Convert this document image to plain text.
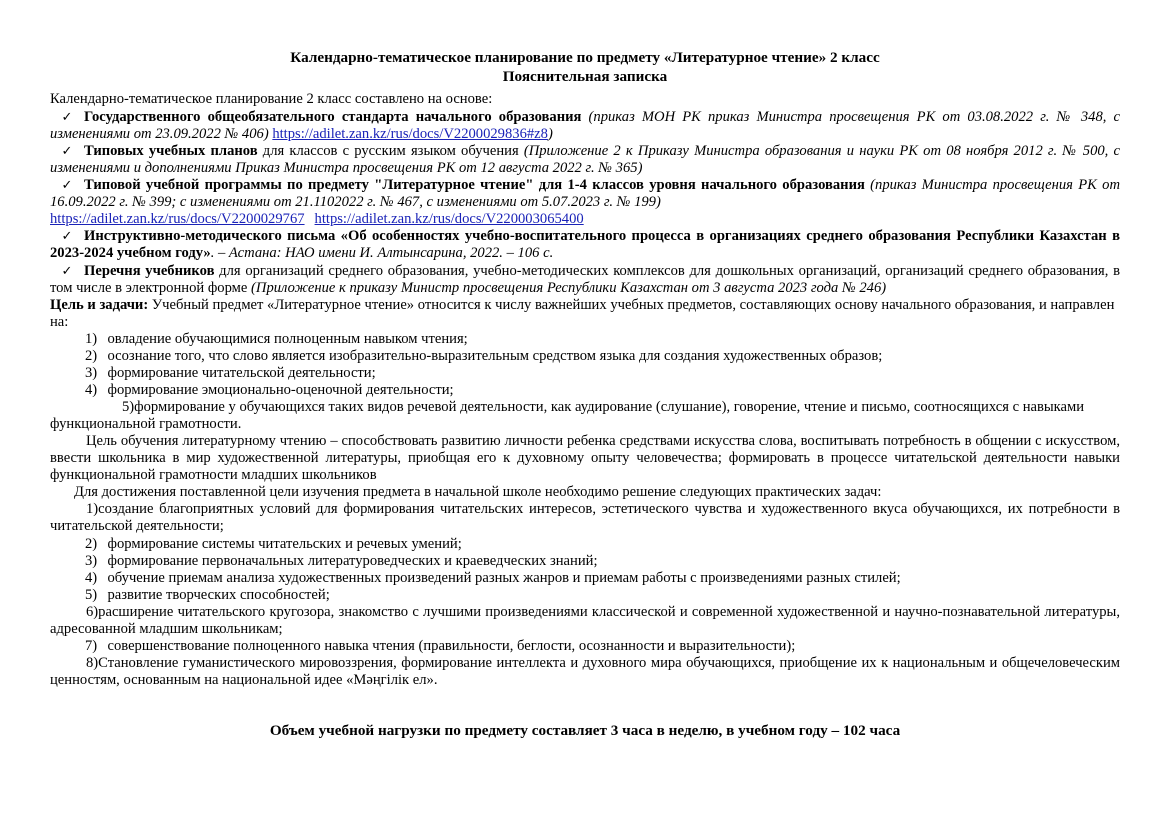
Календарно-тематическое планирование по предмету «Литературное чтение» 2 класс
Пояснительная записка

Календарно-тематическое планирование 2 класс составлено на основе:

✓ Государственного общеобязательного стандарта начального образования (приказ МОН РК приказ Министра просвещения РК от 03.08.2022 г. № 348, с изменениями от 23.09.2022 № 406) https://adilet.zan.kz/rus/docs/V2200029836#z8)

✓ Типовых учебных планов для классов с русским языком обучения (Приложение 2 к Приказу Министра образования и науки РК от 08 ноября 2012 г. № 500, с изменениями и дополнениями Приказ Министра просвещения РК от 12 августа 2022 г. № 365)

✓ Типовой учебной программы по предмету "Литературное чтение" для 1-4 классов уровня начального образования (приказ Министра просвещения РК от 16.09.2022 г. № 399; с изменениями от 21.1102022 г. № 467, с изменениями от 5.07.2023 г. № 199)

https://adilet.zan.kz/rus/docs/V2200029767 https://adilet.zan.kz/rus/docs/V220003065400

✓ Инструктивно-методического письма «Об особенностях учебно-воспитательного процесса в организациях среднего образования Республики Казахстан в 2023-2024 учебном году». – Астана: НАО имени И. Алтынсарина, 2022. – 106 с.

✓ Перечня учебников для организаций среднего образования, учебно-методических комплексов для дошкольных организаций, организаций среднего образования, в том числе в электронной форме (Приложение к приказу Министр просвещения Республики Казахстан от 3 августа 2023 года № 246)

Цель и задачи: Учебный предмет «Литературное чтение» относится к числу важнейших учебных предметов, составляющих основу начального образования, и направлен на:

1) овладение обучающимися полноценным навыком чтения;

2) осознание того, что слово является изобразительно-выразительным средством языка для создания художественных образов;

3) формирование читательской деятельности;

4) формирование эмоционально-оценочной деятельности;

5)формирование у обучающихся таких видов речевой деятельности, как аудирование (слушание), говорение, чтение и письмо, соотносящихся с навыками функциональной грамотности.

Цель обучения литературному чтению – способствовать развитию личности ребенка средствами искусства слова, воспитывать потребность в общении с искусством, ввести школьника в мир художественной литературы, приобщая его к духовному опыту человечества; формировать в процессе читательской деятельности навыки функциональной грамотности младших школьников

Для достижения поставленной цели изучения предмета в начальной школе необходимо решение следующих практических задач:

1)создание благоприятных условий для формирования читательских интересов, эстетического чувства и художественного вкуса обучающихся, их потребности в читательской деятельности;

2) формирование системы читательских и речевых умений;

3) формирование первоначальных литературоведческих и краеведческих знаний;

4) обучение приемам анализа художественных произведений разных жанров и приемам работы с произведениями разных стилей;

5) развитие творческих способностей;

6)расширение читательского кругозора, знакомство с лучшими произведениями классической и современной художественной и научно-познавательной литературы, адресованной младшим школьникам;

7) совершенствование полноценного навыка чтения (правильности, беглости, осознанности и выразительности);

8)Становление гуманистического мировоззрения, формирование интеллекта и духовного мира обучающихся, приобщение их к национальным и общечеловеческим ценностям, основанным на национальной идее «Мәңгілік ел».

Объем учебной нагрузки по предмету составляет 3 часа в неделю, в учебном году – 102 часа
